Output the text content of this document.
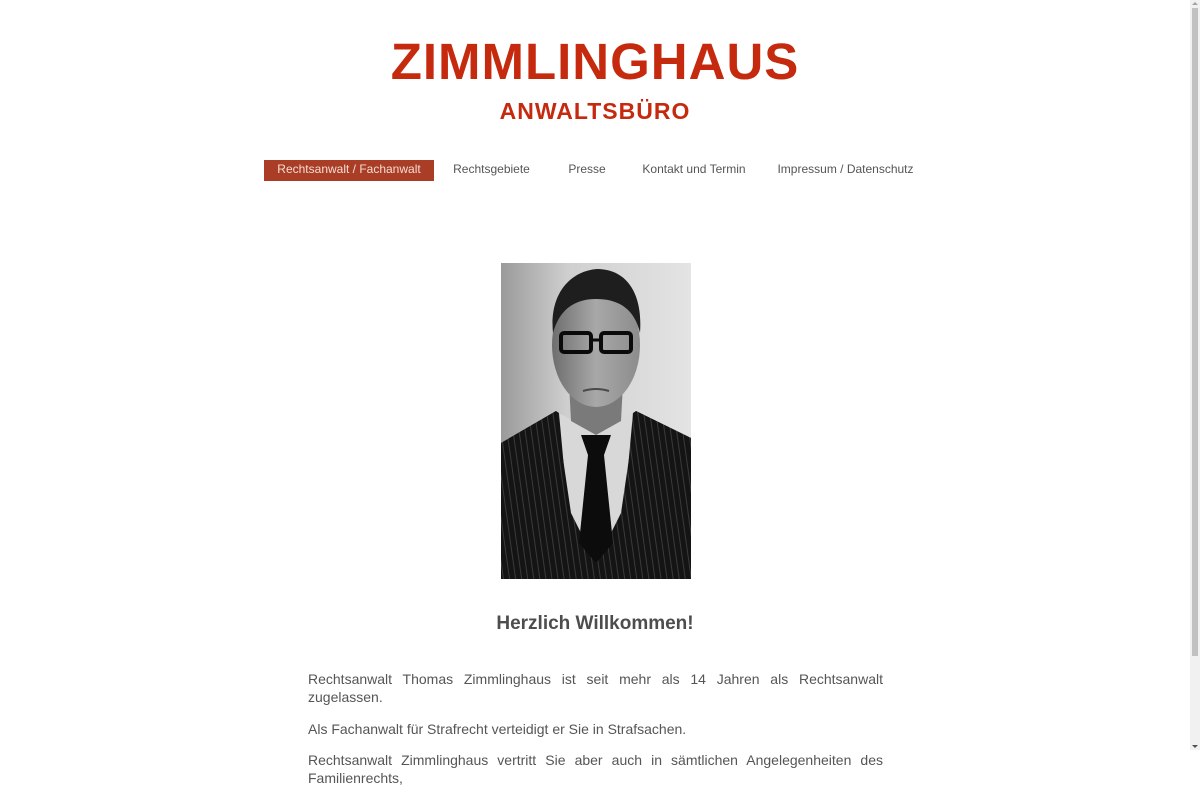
ZIMMLINGHAUS
ANWALTSBÜRO
Rechtsanwalt / Fachanwalt	Rechtsgebiete	Presse	Kontakt und Termin	Impressum / Datenschutz
Herzlich Willkommen!

Rechtsanwalt Thomas Zimmlinghaus ist seit mehr als 14 Jahren als Rechtsanwalt zugelassen.

Als Fachanwalt für Strafrecht verteidigt er Sie in Strafsachen.

Rechtsanwalt Zimmlinghaus vertritt Sie aber auch in sämtlichen Angelegenheiten des Familienrechts,
